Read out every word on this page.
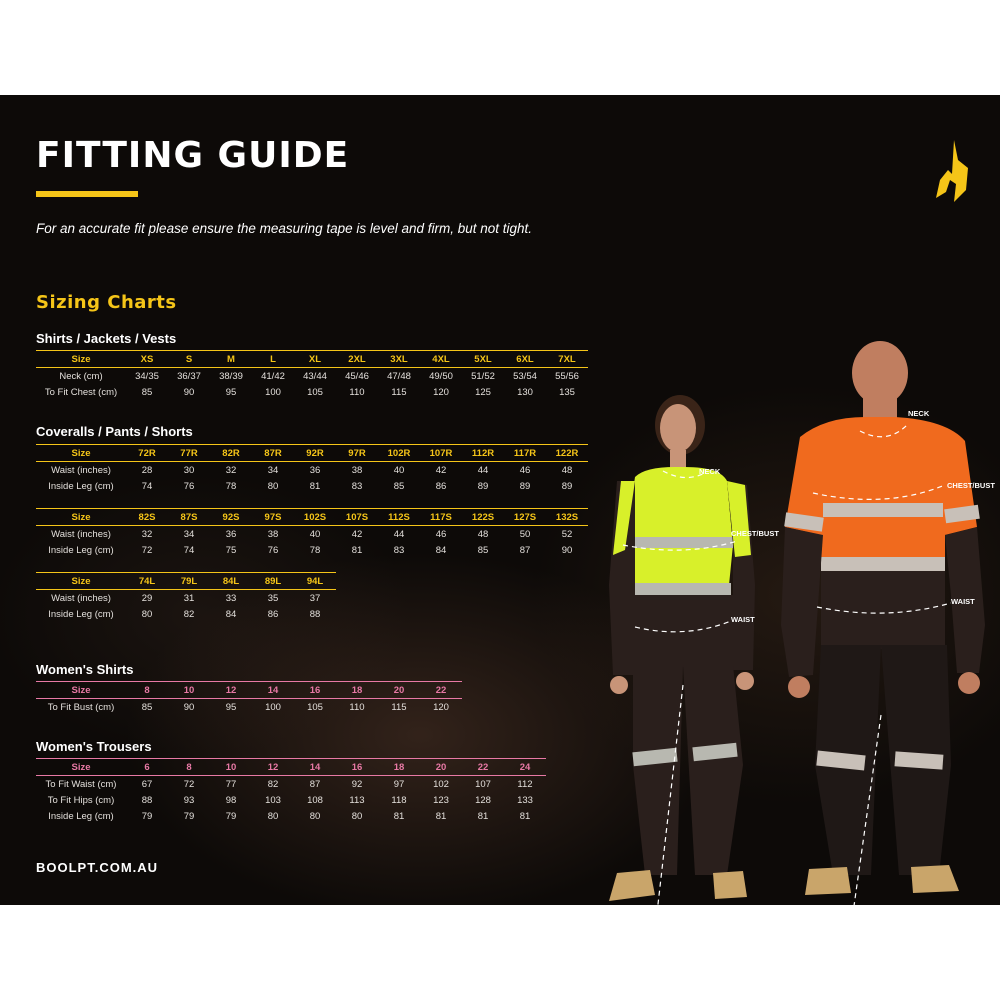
FITTING GUIDE

For an accurate fit please ensure the measuring tape is level and firm, but not tight.

Sizing Charts
Shirts / Jackets / Vests
Size	XS	S	M	L	XL	2XL	3XL	4XL	5XL	6XL	7XL
Neck (cm)	34/35	36/37	38/39	41/42	43/44	45/46	47/48	49/50	51/52	53/54	55/56
To Fit Chest (cm)	85	90	95	100	105	110	115	120	125	130	135
Coveralls / Pants / Shorts
Size	72R	77R	82R	87R	92R	97R	102R	107R	112R	117R	122R
Waist (inches)	28	30	32	34	36	38	40	42	44	46	48
Inside Leg (cm)	74	76	78	80	81	83	85	86	89	89	89
Size	82S	87S	92S	97S	102S	107S	112S	117S	122S	127S	132S
Waist (inches)	32	34	36	38	40	42	44	46	48	50	52
Inside Leg (cm)	72	74	75	76	78	81	83	84	85	87	90
Size	74L	79L	84L	89L	94L
Waist (inches)	29	31	33	35	37
Inside Leg (cm)	80	82	84	86	88
Women's Shirts
Size	8	10	12	14	16	18	20	22
To Fit Bust (cm)	85	90	95	100	105	110	115	120
Women's Trousers
Size	6	8	10	12	14	16	18	20	22	24
To Fit Waist (cm)	67	72	77	82	87	92	97	102	107	112
To Fit Hips (cm)	88	93	98	103	108	113	118	123	128	133
Inside Leg (cm)	79	79	79	80	80	80	81	81	81	81

BOOLPT.COM.AU

NECK
CHEST/BUST
WAIST
INSIDE LEG
NECK
CHEST/BUST
WAIST
INSIDE LEG
